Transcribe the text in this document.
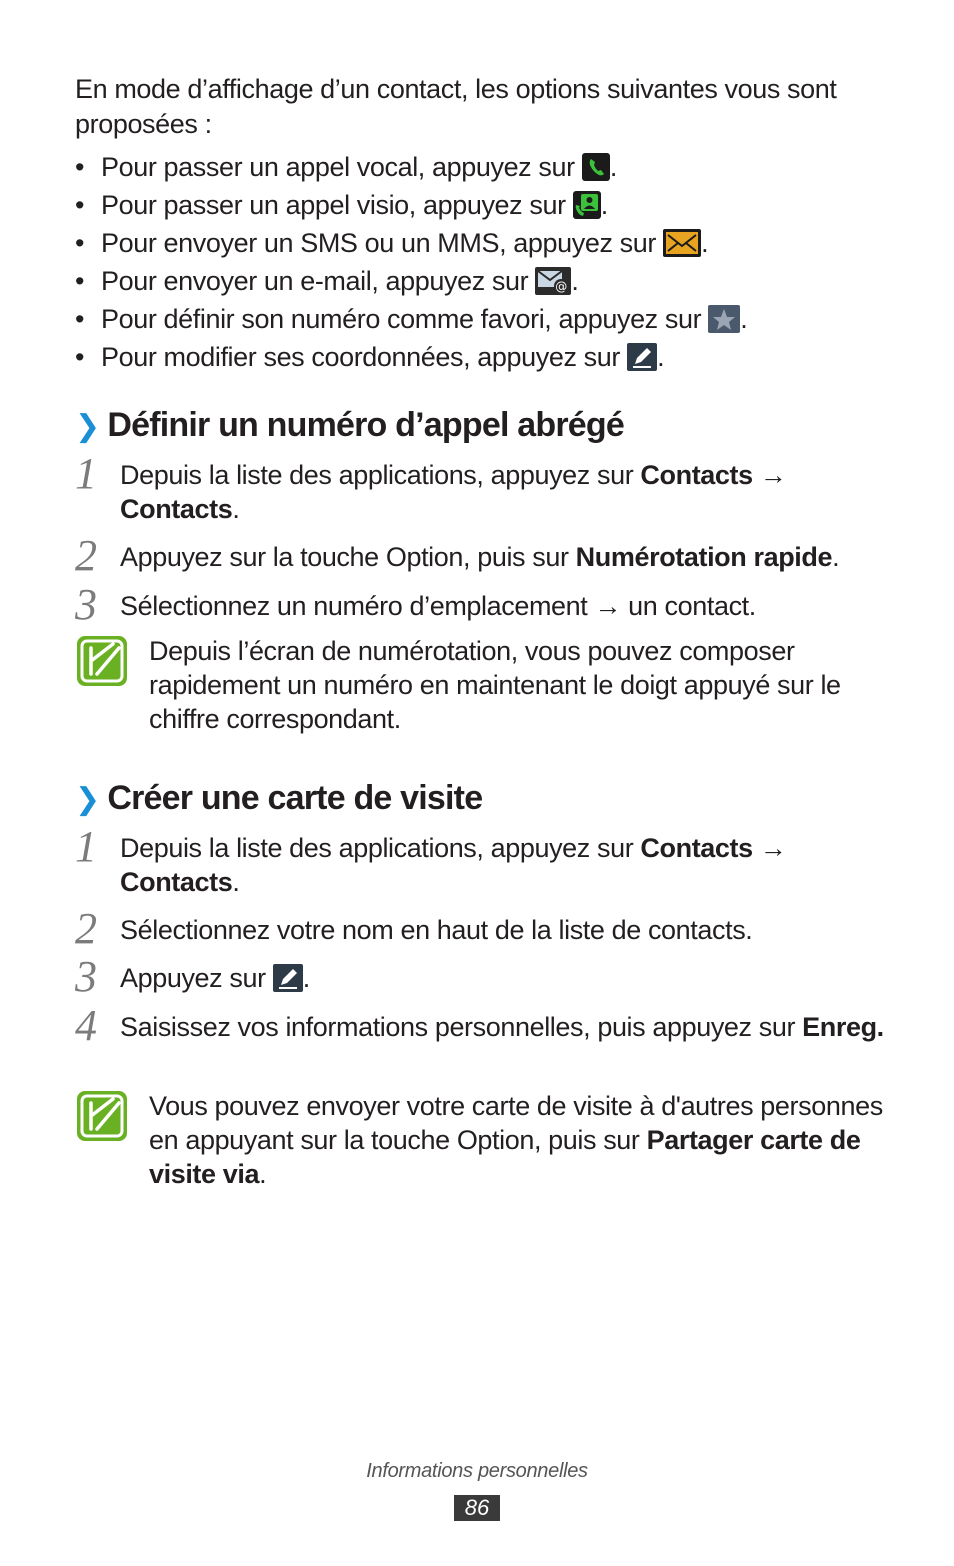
En mode d’affichage d’un contact, les options suivantes vous sont proposées :
• Pour passer un appel vocal, appuyez sur .
• Pour passer un appel visio, appuyez sur .
• Pour envoyer un SMS ou un MMS, appuyez sur .
• Pour envoyer un e-mail, appuyez sur @ .
• Pour définir son numéro comme favori, appuyez sur .
• Pour modifier ses coordonnées, appuyez sur .
❯ Définir un numéro d’appel abrégé
1 Depuis la liste des applications, appuyez sur Contacts → Contacts.
2 Appuyez sur la touche Option, puis sur Numérotation rapide.
3 Sélectionnez un numéro d’emplacement → un contact.
Depuis l’écran de numérotation, vous pouvez composer rapidement un numéro en maintenant le doigt appuyé sur le chiffre correspondant.
❯ Créer une carte de visite
1 Depuis la liste des applications, appuyez sur Contacts → Contacts.
2 Sélectionnez votre nom en haut de la liste de contacts.
3 Appuyez sur
.
4 Saisissez vos informations personnelles, puis appuyez sur Enreg.
Vous pouvez envoyer votre carte de visite à d'autres personnes en appuyant sur la touche Option, puis sur Partager carte de visite via.
Informations personnelles
86
